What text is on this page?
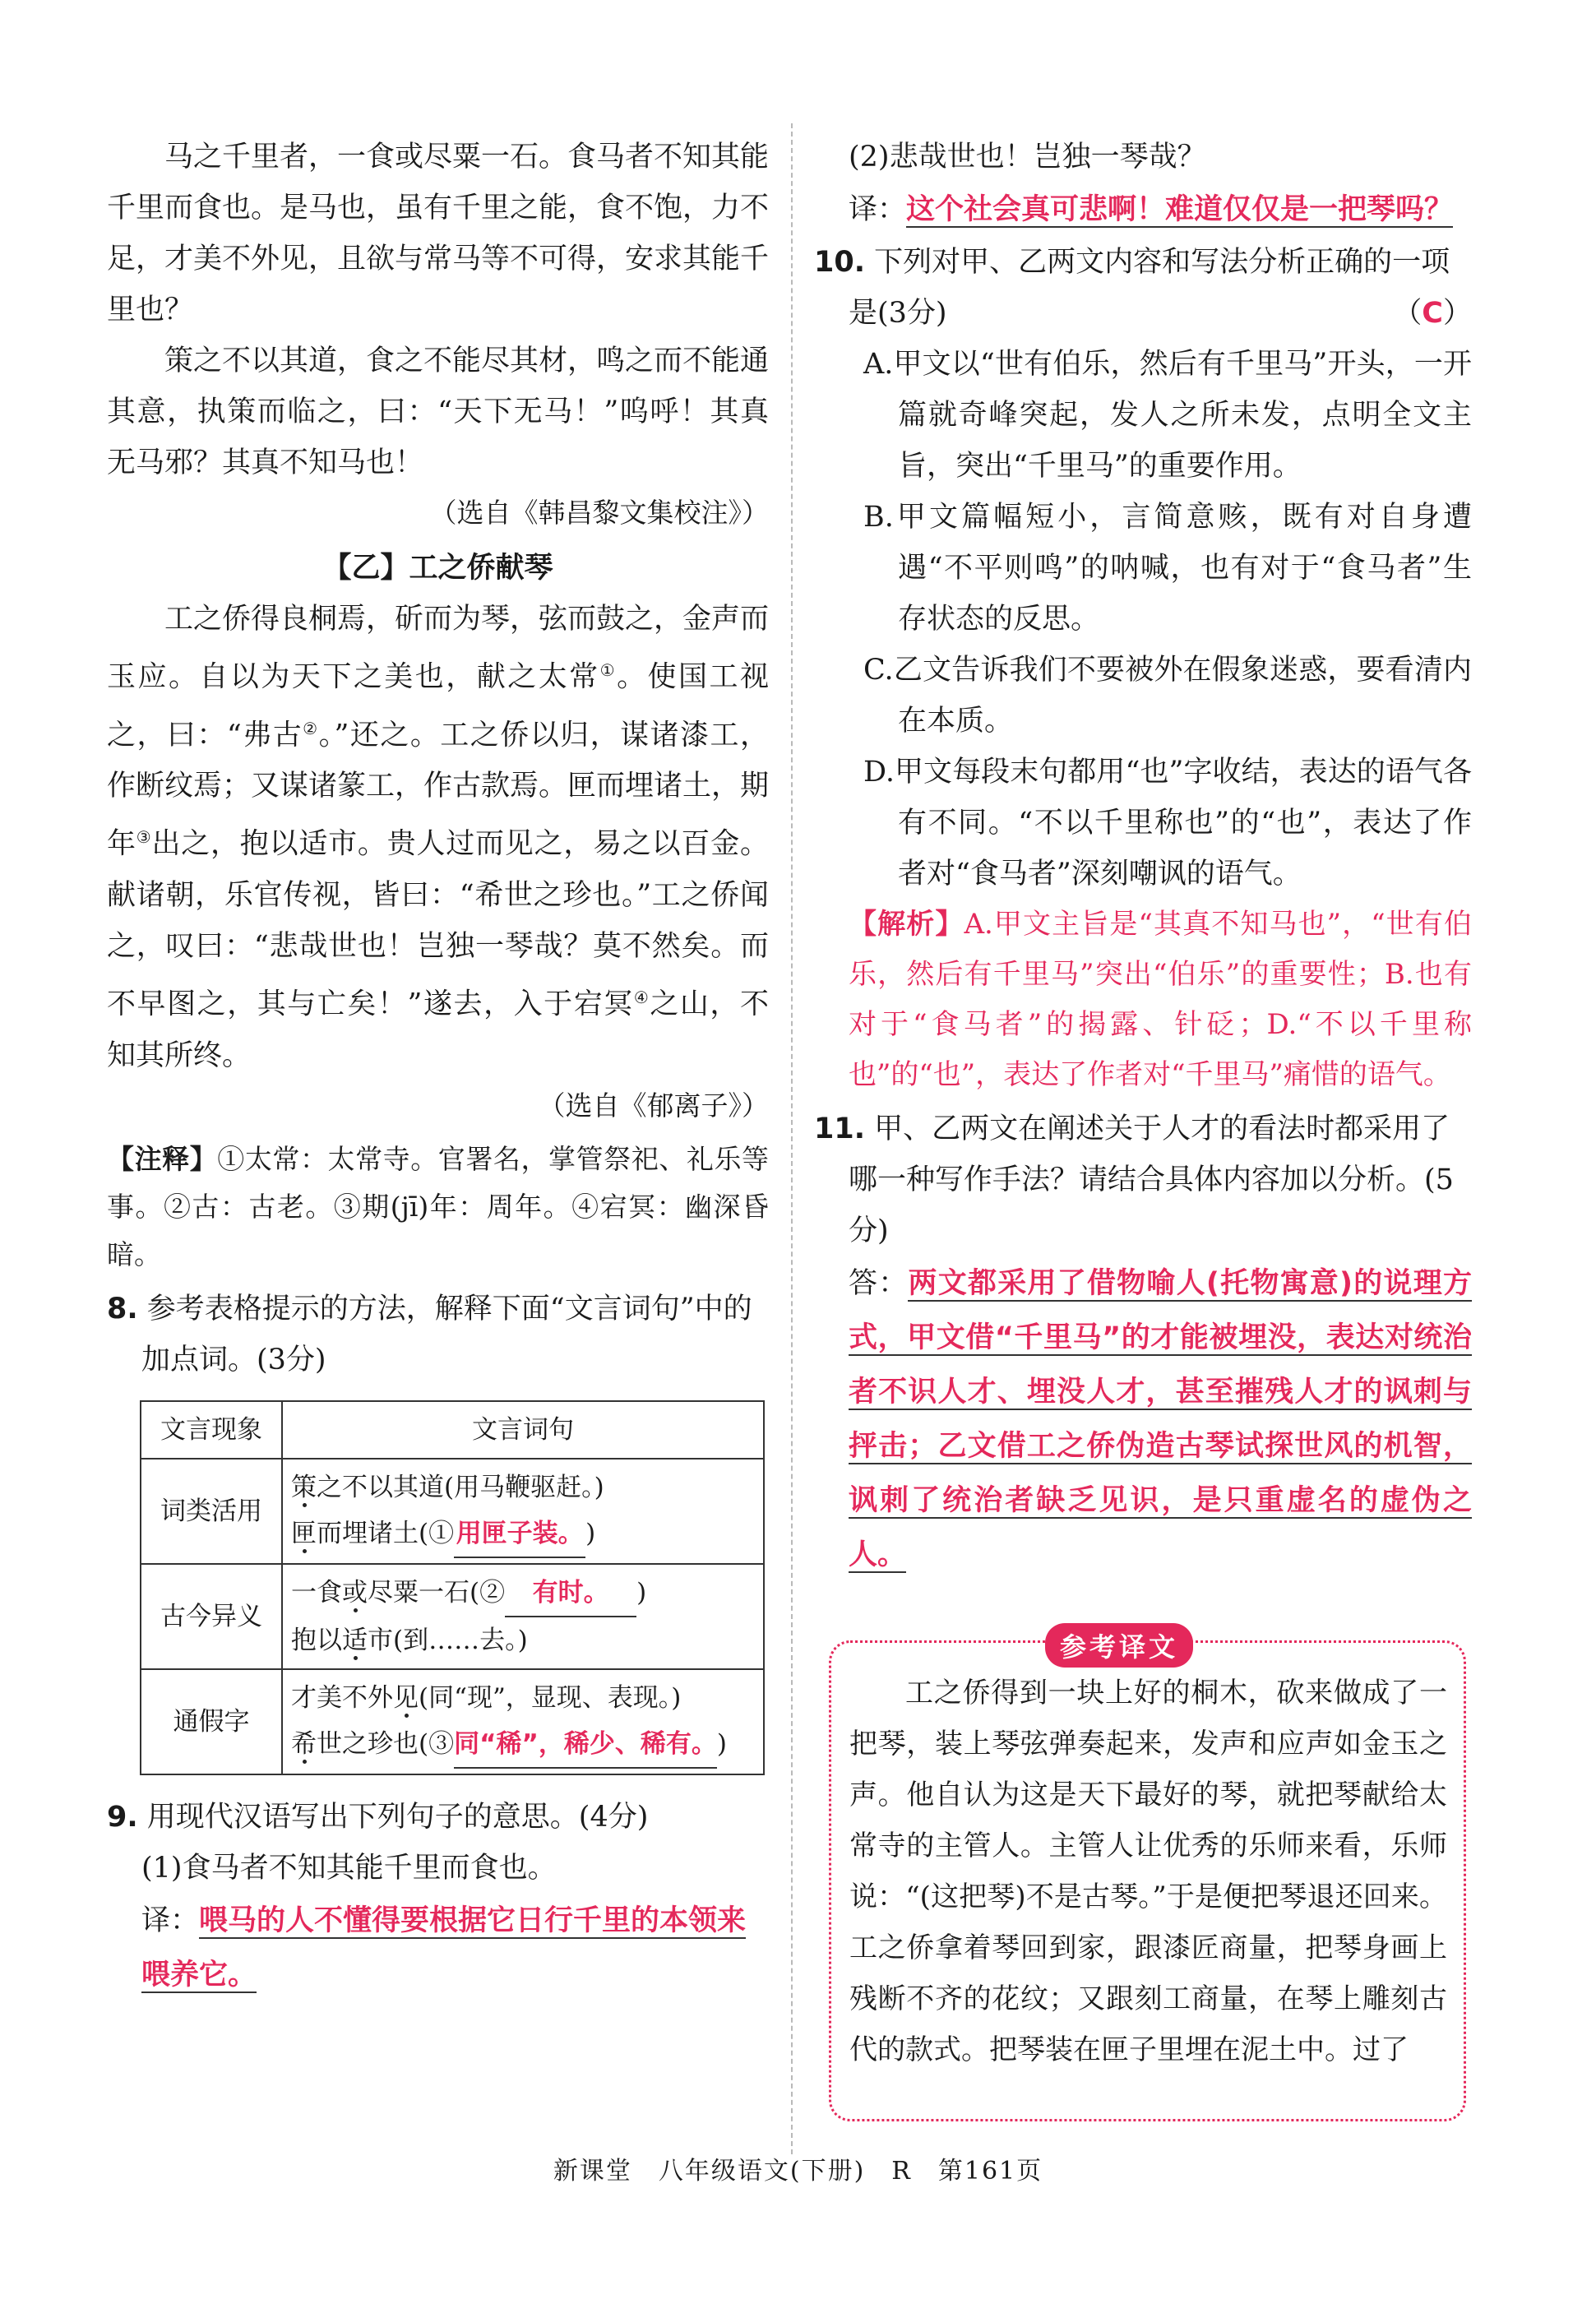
马之千里者，一食或尽粟一石。食马者不知其能千里而食也。是马也，虽有千里之能，食不饱，力不足，才美不外见，且欲与常马等不可得，安求其能千里也？

策之不以其道，食之不能尽其材，鸣之而不能通其意，执策而临之，曰：“天下无马！”呜呼！其真无马邪？其真不知马也！

（选自《韩昌黎文集校注》）

【乙】工之侨献琴

工之侨得良桐焉，斫而为琴，弦而鼓之，金声而玉应。自以为天下之美也，献之太常①。使国工视之，曰：“弗古②。”还之。工之侨以归，谋诸漆工，作断纹焉；又谋诸篆工，作古款焉。匣而埋诸土，期年③出之，抱以适市。贵人过而见之，易之以百金。献诸朝，乐官传视，皆曰：“希世之珍也。”工之侨闻之，叹曰：“悲哉世也！岂独一琴哉？莫不然矣。而不早图之，其与亡矣！”遂去，入于宕冥④之山，不知其所终。

（选自《郁离子》）

【注释】①太常：太常寺。官署名，掌管祭祀、礼乐等事。②古：古老。③期(jī)年：周年。④宕冥：幽深昏暗。

8. 参考表格提示的方法，解释下面“文言词句”中的加点词。(3分)

文言现象	文言词句
词类活用	策之不以其道(用马鞭驱赶。)
匣而埋诸土(①用匣子装。)

古今异义	一食或尽粟一石(② 有时。 )
抱以适市(到……去。)

通假字	才美不外见(同“现”，显现、表现。)
希世之珍也(③同“稀”，稀少、稀有。)

9. 用现代汉语写出下列句子的意思。(4分)

(1)食马者不知其能千里而食也。

译：喂马的人不懂得要根据它日行千里的本领来喂养它。

(2)悲哉世也！岂独一琴哉？

译：这个社会真可悲啊！难道仅仅是一把琴吗？

10. 下列对甲、乙两文内容和写法分析正确的一项是(3分)	（C）

A.甲文以“世有伯乐，然后有千里马”开头，一开篇就奇峰突起，发人之所未发，点明全文主旨，突出“千里马”的重要作用。

B.甲文篇幅短小，言简意赅，既有对自身遭遇“不平则鸣”的呐喊，也有对于“食马者”生存状态的反思。

C.乙文告诉我们不要被外在假象迷惑，要看清内在本质。

D.甲文每段末句都用“也”字收结，表达的语气各有不同。“不以千里称也”的“也”，表达了作者对“食马者”深刻嘲讽的语气。

【解析】A.甲文主旨是“其真不知马也”，“世有伯乐，然后有千里马”突出“伯乐”的重要性；B.也有对于“食马者”的揭露、针砭；D.“不以千里称也”的“也”，表达了作者对“千里马”痛惜的语气。

11. 甲、乙两文在阐述关于人才的看法时都采用了哪一种写作手法？请结合具体内容加以分析。(5分)

答：两文都采用了借物喻人(托物寓意)的说理方式，甲文借“千里马”的才能被埋没，表达对统治者不识人才、埋没人才，甚至摧残人才的讽刺与抨击；乙文借工之侨伪造古琴试探世风的机智，讽刺了统治者缺乏见识，是只重虚名的虚伪之人。

参考译文

工之侨得到一块上好的桐木，砍来做成了一把琴，装上琴弦弹奏起来，发声和应声如金玉之声。他自认为这是天下最好的琴，就把琴献给太常寺的主管人。主管人让优秀的乐师来看，乐师说：“(这把琴)不是古琴。”于是便把琴退还回来。工之侨拿着琴回到家，跟漆匠商量，把琴身画上残断不齐的花纹；又跟刻工商量，在琴上雕刻古代的款式。把琴装在匣子里埋在泥土中。过了

新课堂　八年级语文(下册)　R　第161页
